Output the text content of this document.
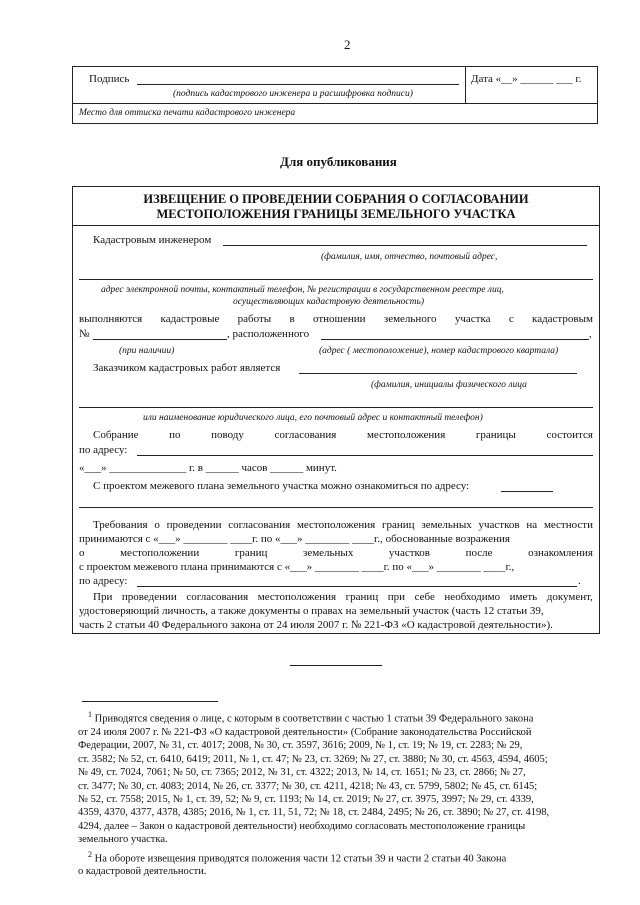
2
Подпись
(подпись кадастрового инженера и расшифровка подписи)
Дата «__» ______ ___ г.
Место для оттиска печати кадастрового инженера
Для опубликования
ИЗВЕЩЕНИЕ О ПРОВЕДЕНИИ СОБРАНИЯ О СОГЛАСОВАНИИ
МЕСТОПОЛОЖЕНИЯ ГРАНИЦЫ ЗЕМЕЛЬНОГО УЧАСТКА
Кадастровым инженером
(фамилия, имя, отчество, почтовый адрес,
адрес электронной почты, контактный телефон, № регистрации в государственном реестре лиц,
осуществляющих кадастровую деятельность)
выполняются кадастровые работы в отношении земельного участка с кадастровым
№	, расположенного	,
(при наличии)	(адрес ( местоположение), номер кадастрового квартала)
Заказчиком кадастровых работ является
(фамилия, инициалы физического лица
или наименование юридического лица, его почтовый адрес и контактный телефон)
Собрание	по	поводу	согласования	местоположения	границы	состоится
по адресу:
«___» ______________ г. в ______ часов ______ минут.
С проектом межевого плана земельного участка можно ознакомиться по адресу:
Требования о проведении согласования местоположения границ земельных участков на местности
принимаются с «___» ________ ____г. по «___» ________ ____г., обоснованные возражения
о	местоположении	границ	земельных	участков	после	ознакомления
с проектом межевого плана принимаются с «___» ________ ____г. по «___» ________ ____г.,
по адресу:	.
При проведении согласования местоположения границ при себе необходимо иметь документ,
удостоверяющий личность, а также документы о правах на земельный участок (часть 12 статьи 39,
часть 2 статьи 40 Федерального закона от 24 июля 2007 г. № 221-ФЗ «О кадастровой деятельности»).
$^1$ Приводятся сведения о лице, с которым в соответствии с частью 1 статьи 39 Федерального закона
от 24 июля 2007 г. № 221-ФЗ «О кадастровой деятельности» (Собрание законодательства Российской
Федерации, 2007, № 31, ст. 4017; 2008, № 30, ст. 3597, 3616; 2009, № 1, ст. 19; № 19, ст. 2283; № 29,
ст. 3582; № 52, ст. 6410, 6419; 2011, № 1, ст. 47; № 23, ст. 3269; № 27, ст. 3880; № 30, ст. 4563, 4594, 4605;
№ 49, ст. 7024, 7061; № 50, ст. 7365; 2012, № 31, ст. 4322; 2013, № 14, ст. 1651; № 23, ст. 2866; № 27,
ст. 3477; № 30, ст. 4083; 2014, № 26, ст. 3377; № 30, ст. 4211, 4218; № 43, ст. 5799, 5802; № 45, ст. 6145;
№ 52, ст. 7558; 2015, № 1, ст. 39, 52; № 9, ст. 1193; № 14, ст. 2019; № 27, ст. 3975, 3997; № 29, ст. 4339,
4359, 4370, 4377, 4378, 4385; 2016, № 1, ст. 11, 51, 72; № 18, ст. 2484, 2495; № 26, ст. 3890; № 27, ст. 4198,
4294, далее – Закон о кадастровой деятельности) необходимо согласовать местоположение границы
земельного участка.
$^2$ На обороте извещения приводятся положения части 12 статьи 39 и части 2 статьи 40 Закона
о кадастровой деятельности.
